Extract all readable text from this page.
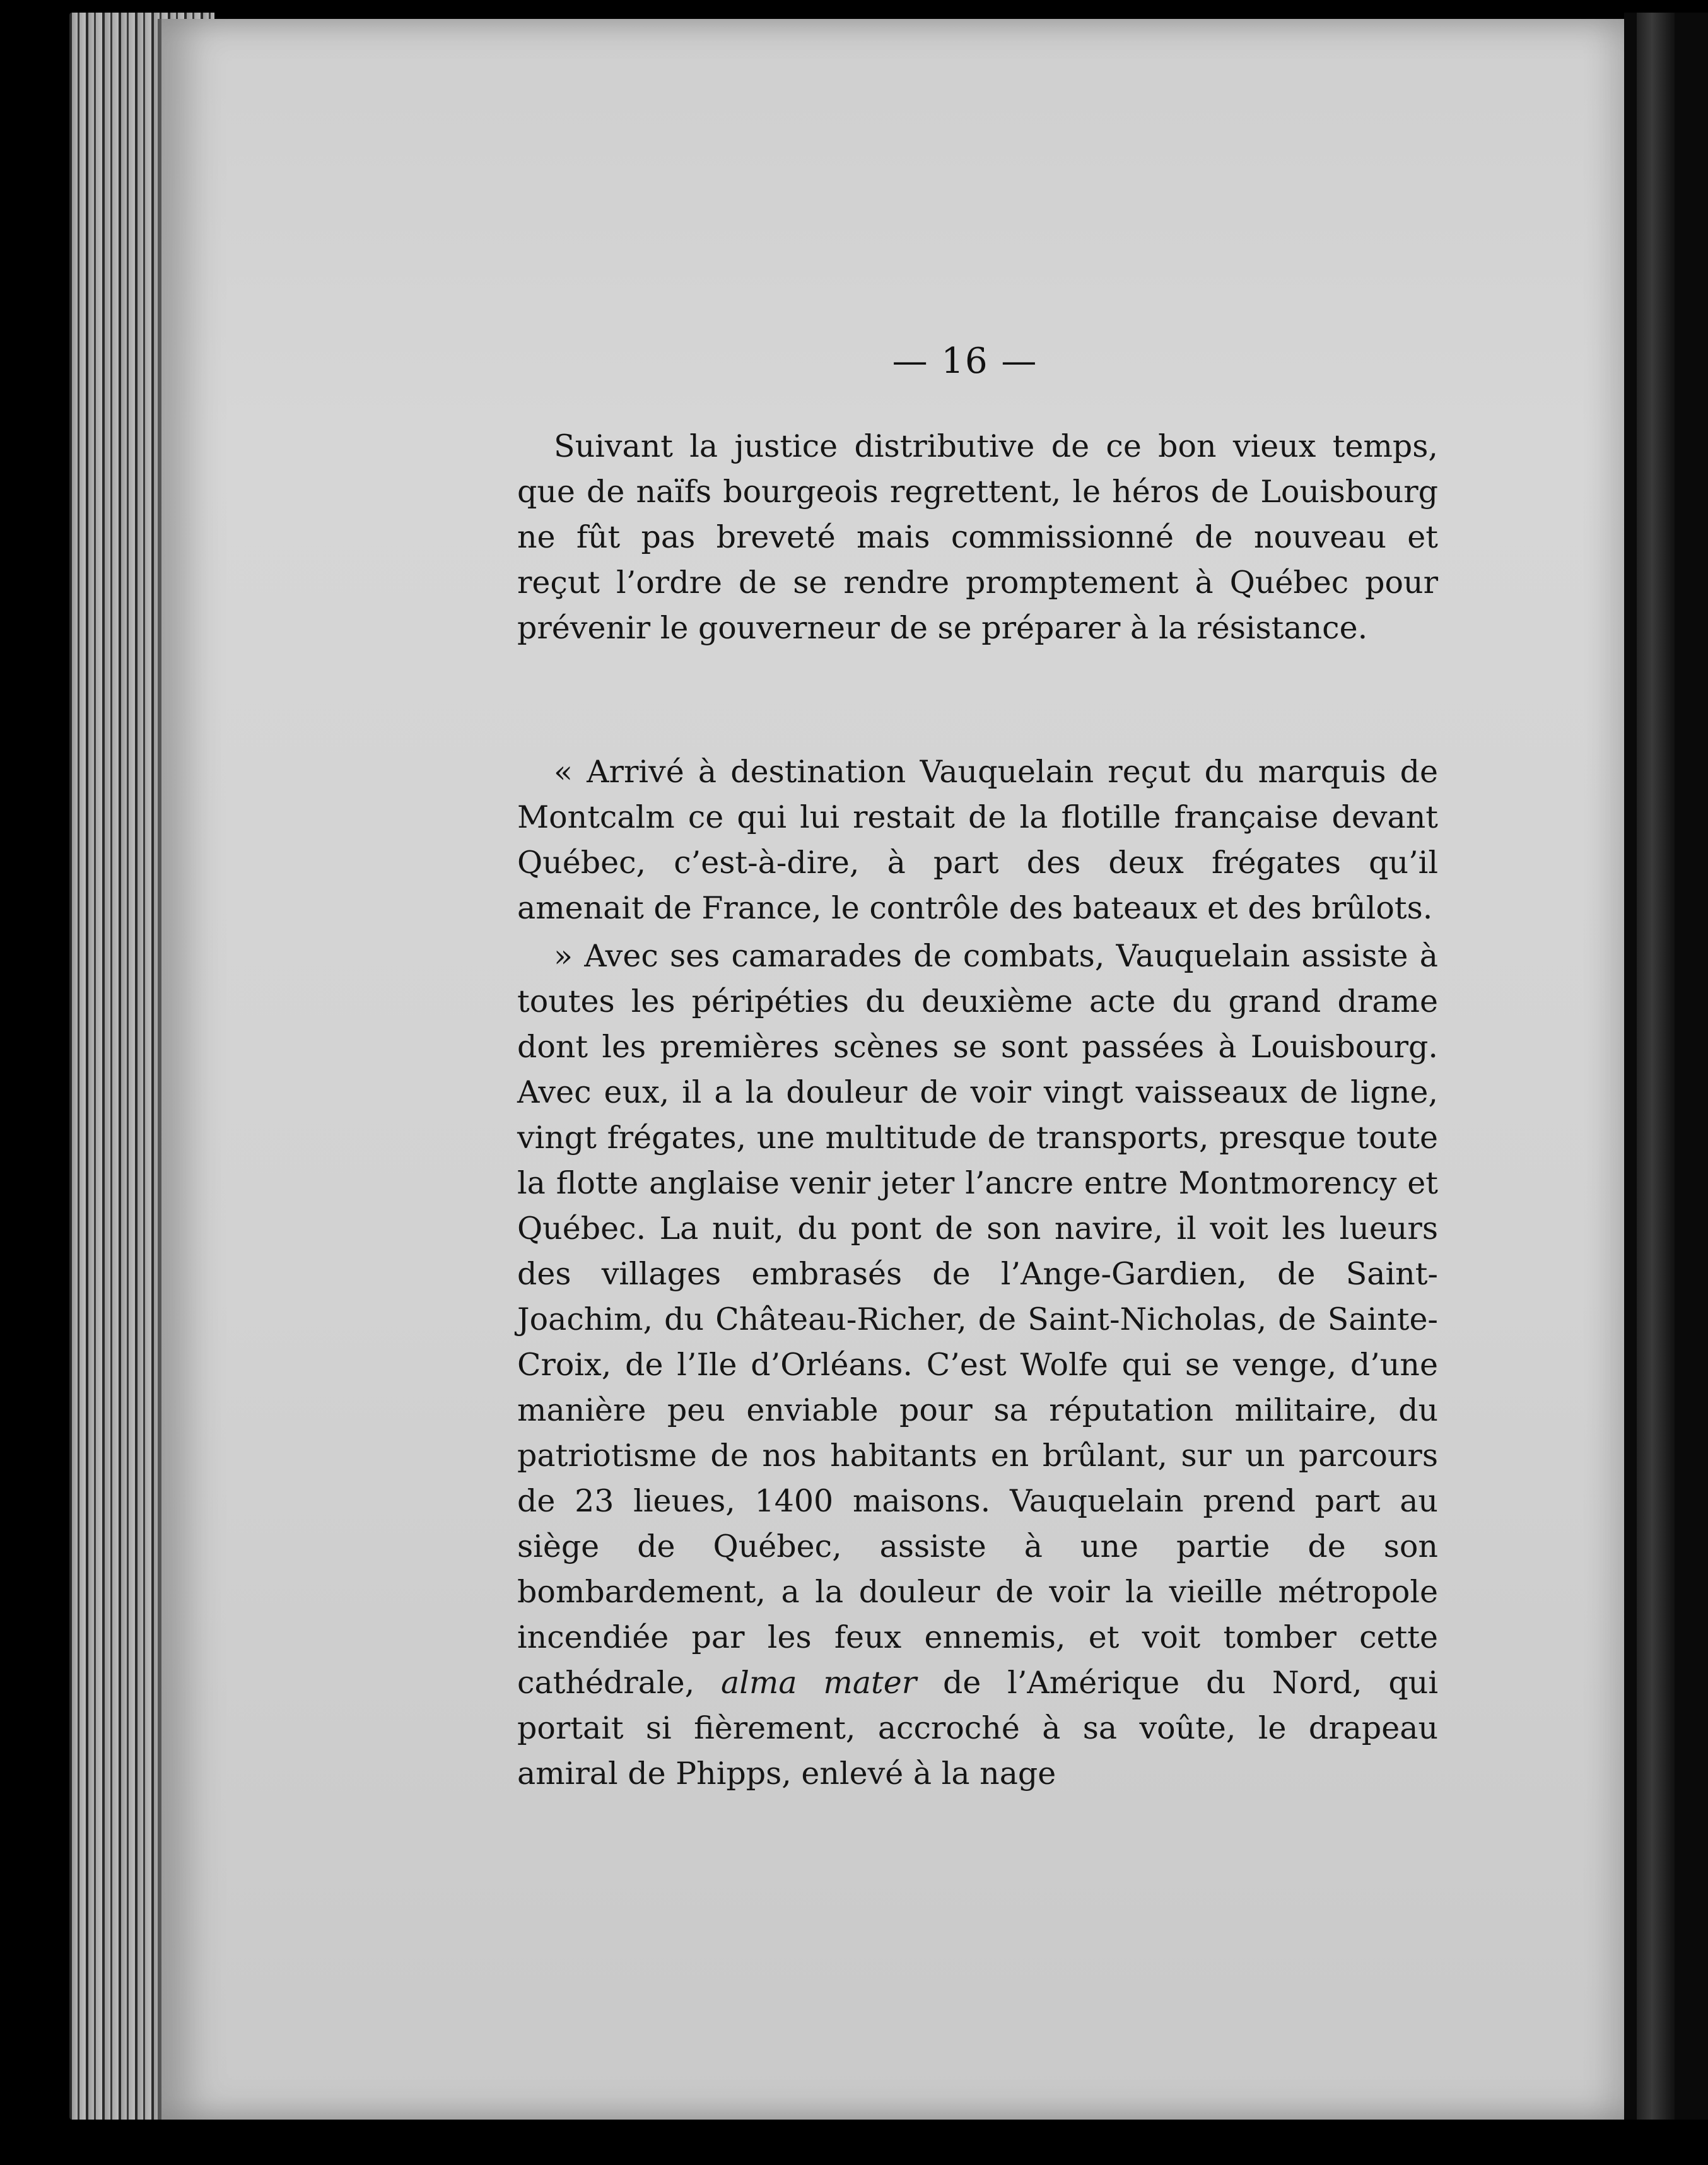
— 16 —

Suivant la justice distributive de ce bon vieux temps, que de naïfs bourgeois regrettent, le héros de Louisbourg ne fût pas breveté mais commissionné de nouveau et reçut l’ordre de se rendre promptement à Québec pour prévenir le gouverneur de se préparer à la résistance.

« Arrivé à destination Vauquelain reçut du marquis de Montcalm ce qui lui restait de la flotille française devant Québec, c’est-à-dire, à part des deux frégates qu’il amenait de France, le contrôle des bateaux et des brûlots.

» Avec ses camarades de combats, Vauquelain assiste à toutes les péripéties du deuxième acte du grand drame dont les premières scènes se sont passées à Louisbourg. Avec eux, il a la douleur de voir vingt vaisseaux de ligne, vingt frégates, une multitude de transports, presque toute la flotte anglaise venir jeter l’ancre entre Montmorency et Québec. La nuit, du pont de son navire, il voit les lueurs des villages embrasés de l’Ange-Gardien, de Saint-Joachim, du Château-Richer, de Saint-Nicholas, de Sainte-Croix, de l’Ile d’Orléans. C’est Wolfe qui se venge, d’une manière peu enviable pour sa réputation militaire, du patriotisme de nos habitants en brûlant, sur un parcours de 23 lieues, 1400 maisons. Vauquelain prend part au siège de Québec, assiste à une partie de son bombardement, a la douleur de voir la vieille métropole incendiée par les feux ennemis, et voit tomber cette cathédrale, alma mater de l’Amérique du Nord, qui portait si fièrement, accroché à sa voûte, le drapeau amiral de Phipps, enlevé à la nage
